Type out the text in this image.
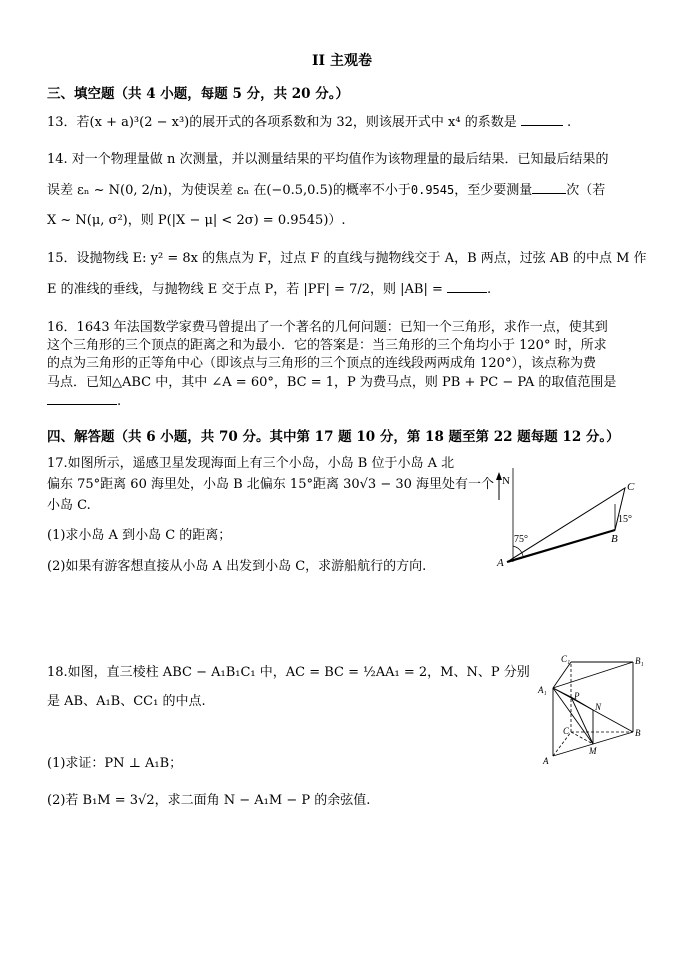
II 主观卷
三、填空题（共 4 小题，每题 5 分，共 20 分。）
13．若(x + a)³(2 − x³)的展开式的各项系数和为 32，则该展开式中 x⁴ 的系数是	.
14. 对一个物理量做 n 次测量，并以测量结果的平均值作为该物理量的最后结果．已知最后结果的
误差 εₙ ~ N(0, 2/n)，为使误差 εₙ 在(−0.5,0.5)的概率不小于0.9545，至少要测量	次（若
X ~ N(μ, σ²)，则 P(|X − μ| < 2σ) = 0.9545)）.
15．设抛物线 E: y² = 8x 的焦点为 F，过点 F 的直线与抛物线交于 A，B 两点，过弦 AB 的中点 M 作
E 的准线的垂线，与抛物线 E 交于点 P，若 |PF| = 7/2，则 |AB| =	.
16．1643 年法国数学家费马曾提出了一个著名的几何问题：已知一个三角形，求作一点，使其到
这个三角形的三个顶点的距离之和为最小．它的答案是：当三角形的三个角均小于 120° 时，所求
的点为三角形的正等角中心（即该点与三角形的三个顶点的连线段两两成角 120°），该点称为费
马点．已知△ABC 中，其中 ∠A = 60°，BC = 1，P 为费马点，则 PB + PC − PA 的取值范围是
.
四、解答题（共 6 小题，共 70 分。其中第 17 题 10 分，第 18 题至第 22 题每题 12 分。）
17.如图所示，遥感卫星发现海面上有三个小岛，小岛 B 位于小岛 A 北
偏东 75°距离 60 海里处，小岛 B 北偏东 15°距离 30√3 − 30 海里处有一个
小岛 C.
(1)求小岛 A 到小岛 C 的距离；
(2)如果有游客想直接从小岛 A 出发到小岛 C，求游船航行的方向.
N
75°
15°
A
B
C
18.如图，直三棱柱 ABC − A₁B₁C₁ 中，AC = BC = ½AA₁ = 2，M、N、P 分别
是 AB、A₁B、CC₁ 的中点.
(1)求证：PN ⊥ A₁B；
(2)若 B₁M = 3√2，求二面角 N − A₁M − P 的余弦值.
C₁	B₁
A₁
P
N
C	B
M
A
